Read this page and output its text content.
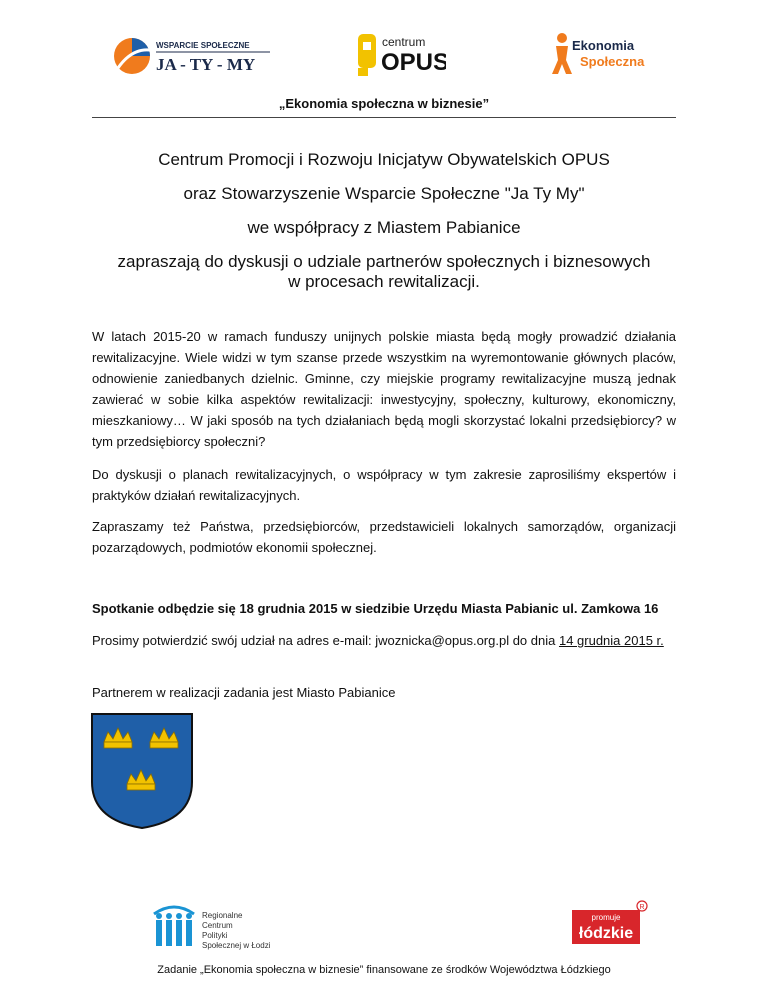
WSPARCIE SPOŁECZNE
JA - TY - MY
centrum
OPUS
Ekonomia
Społeczna
„Ekonomia społeczna w biznesie”
Centrum Promocji i Rozwoju Inicjatyw Obywatelskich OPUS
oraz Stowarzyszenie Wsparcie Społeczne "Ja Ty My"
we współpracy z Miastem Pabianice
zapraszają do dyskusji o udziale partnerów społecznych i biznesowych
w procesach rewitalizacji.
W latach 2015-20 w ramach funduszy unijnych polskie miasta będą mogły prowadzić działania rewitalizacyjne. Wiele widzi w tym szanse przede wszystkim na wyremontowanie głównych placów, odnowienie zaniedbanych dzielnic. Gminne, czy miejskie programy rewitalizacyjne muszą jednak zawierać w sobie kilka aspektów rewitalizacji: inwestycyjny, społeczny, kulturowy, ekonomiczny, mieszkaniowy… W jaki sposób na tych działaniach będą mogli skorzystać lokalni przedsiębiorcy? w tym przedsiębiorcy społeczni?
Do dyskusji o planach rewitalizacyjnych, o współpracy w tym zakresie zaprosiliśmy ekspertów i praktyków działań rewitalizacyjnych.
Zapraszamy też Państwa, przedsiębiorców, przedstawicieli lokalnych samorządów, organizacji pozarządowych, podmiotów ekonomii społecznej.
Spotkanie odbędzie się 18 grudnia 2015 w siedzibie Urzędu Miasta Pabianic ul. Zamkowa 16
Prosimy potwierdzić swój udział na adres e-mail: jwoznicka@opus.org.pl do dnia 14 grudnia 2015 r.
Partnerem w realizacji zadania jest Miasto Pabianice
Regionalne
Centrum
Polityki
Społecznej w Łodzi
R
promuje
łódzkie
Zadanie „Ekonomia społeczna w biznesie” finansowane ze środków Województwa Łódzkiego
